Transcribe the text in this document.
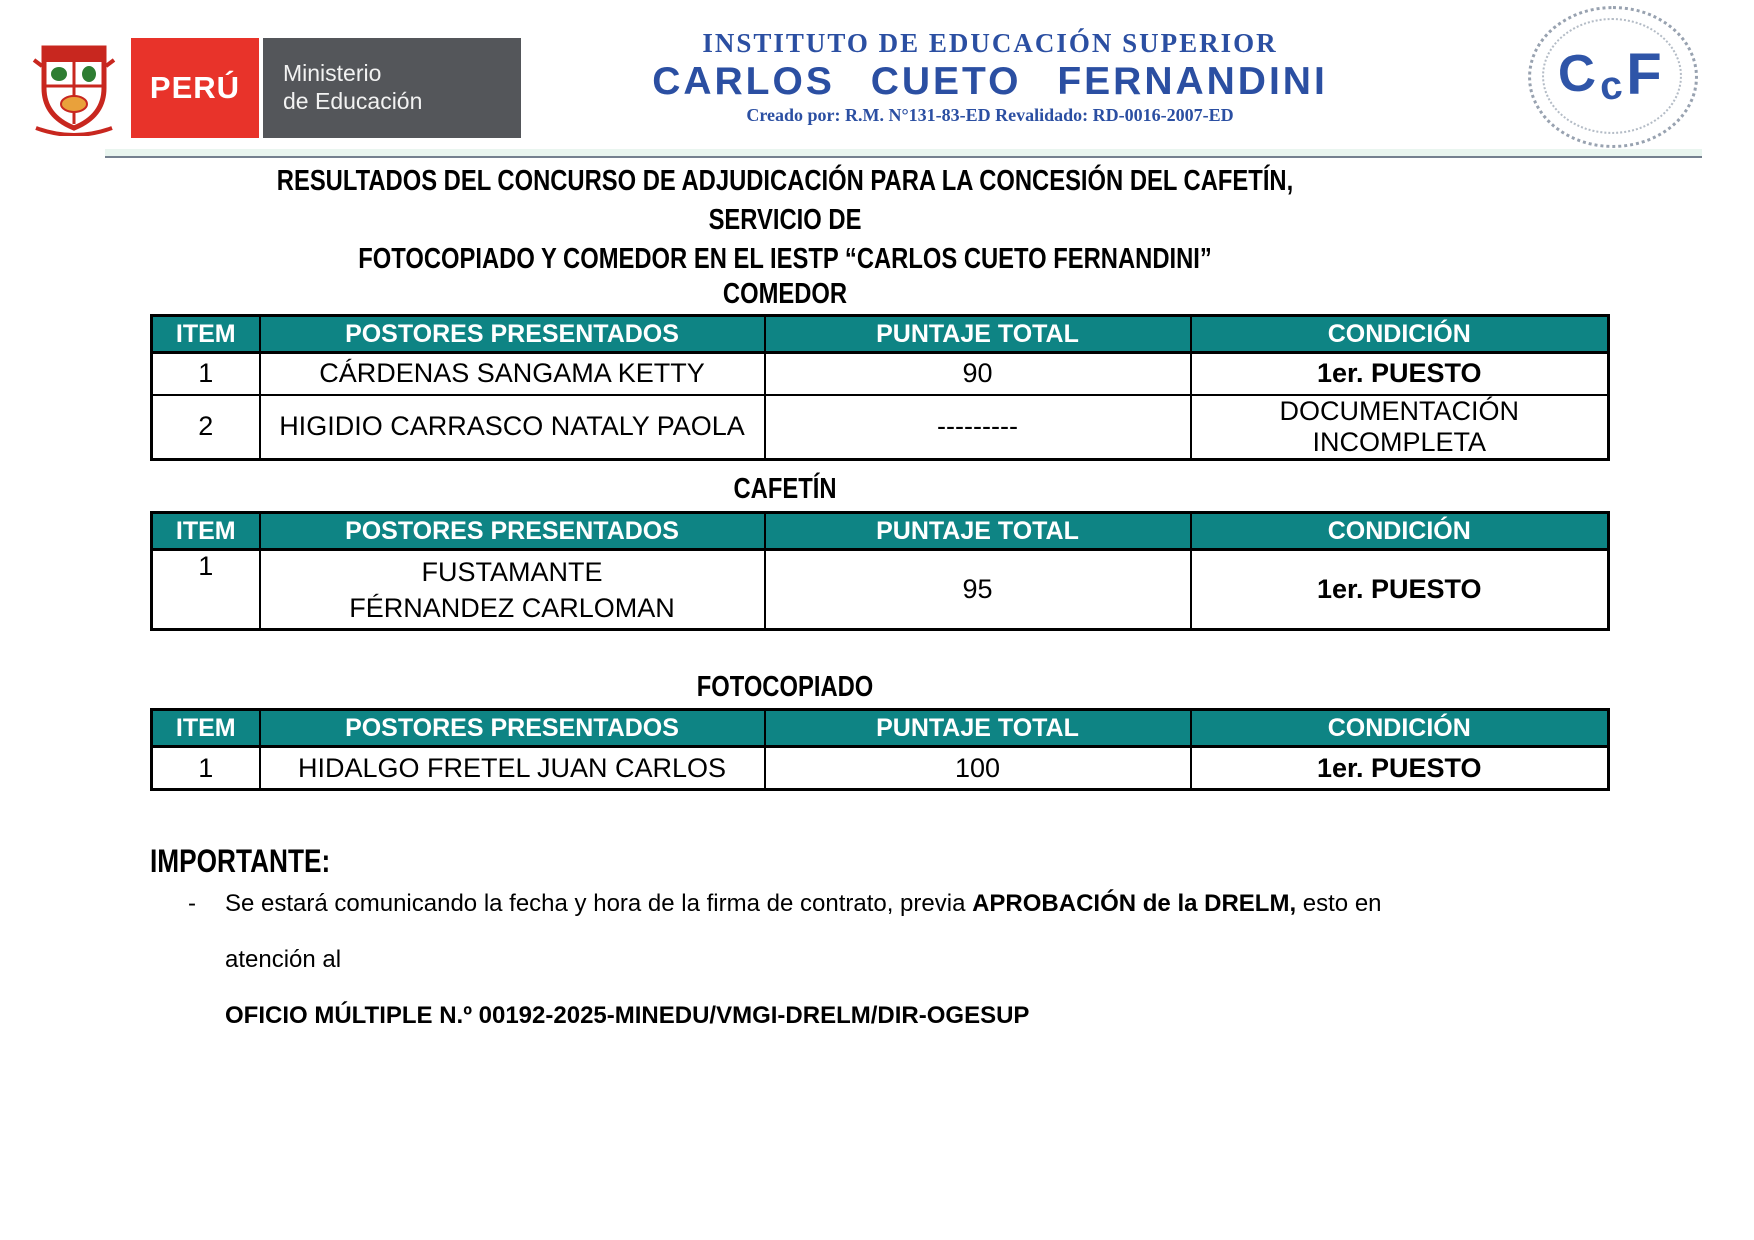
PERÚ Ministerio
de Educación
INSTITUTO DE EDUCACIÓN SUPERIOR
CARLOS CUETO FERNANDINI
Creado por: R.M. N°131-83-ED Revalidado: RD-0016-2007-ED
C c F
RESULTADOS DEL CONCURSO DE ADJUDICACIÓN PARA LA CONCESIÓN DEL CAFETÍN, SERVICIO DE
FOTOCOPIADO Y COMEDOR EN EL IESTP “CARLOS CUETO FERNANDINI”
COMEDOR
ITEM	POSTORES PRESENTADOS	PUNTAJE TOTAL	CONDICIÓN
1	CÁRDENAS SANGAMA KETTY	90	1er. PUESTO
2	HIGIDIO CARRASCO NATALY PAOLA	---------	DOCUMENTACIÓN INCOMPLETA
CAFETÍN
ITEM	POSTORES PRESENTADOS	PUNTAJE TOTAL	CONDICIÓN
1	FUSTAMANTE FÉRNANDEZ CARLOMAN	95	1er. PUESTO
FOTOCOPIADO
ITEM	POSTORES PRESENTADOS	PUNTAJE TOTAL	CONDICIÓN
1	HIDALGO FRETEL JUAN CARLOS	100	1er. PUESTO
IMPORTANTE:
-	Se estará comunicando la fecha y hora de la firma de contrato, previa APROBACIÓN de la DRELM, esto en atención al
OFICIO MÚLTIPLE N.º 00192-2025-MINEDU/VMGI-DRELM/DIR-OGESUP
